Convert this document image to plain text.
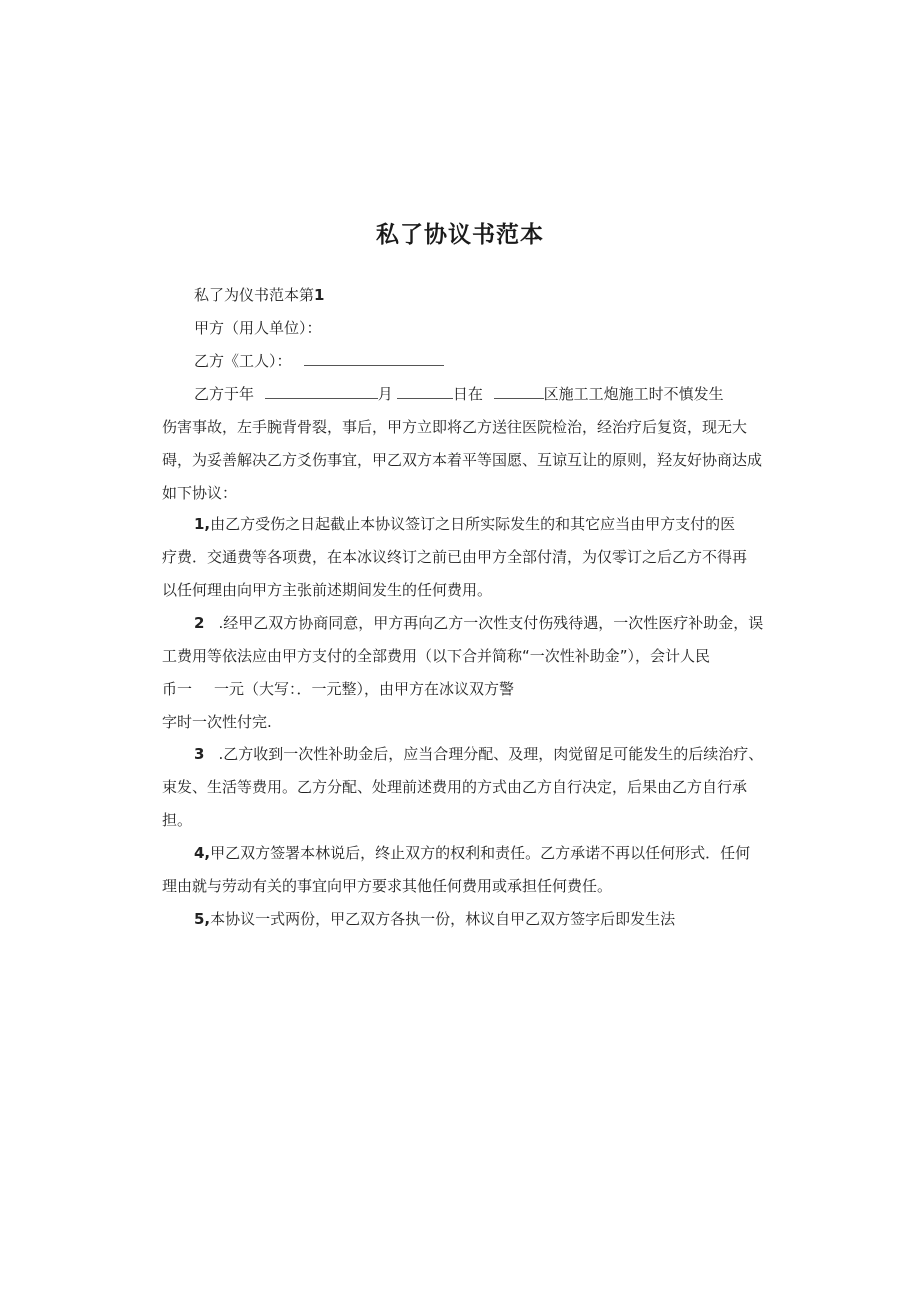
私了协议书范本
私了为仪书范本第1
甲方（用人单位）：
乙方《工人）：
乙方于年	月	日在	区施工工炮施工时不慎发生
伤害事故，左手腕背骨裂，事后，甲方立即将乙方送往医院检治，经治疗后复资，现无大
碍，为妥善解决乙方爻伤事宜，甲乙双方本着平等国愿、互谅互让的原则，羟友好协商达成
如下协议：
1,由乙方受伤之日起截止本协议签订之日所实际发生的和其它应当由甲方支付的医
疗费．交通费等各项费，在本冰议终订之前已由甲方全部付清，为仅零订之后乙方不得再
以任何理由向甲方主张前述期间发生的任何费用。
2 .经甲乙双方协商同意，甲方再向乙方一次性支付伤残待遇，一次性医疗补助金，误
工费用等依法应由甲方支付的全部费用（以下合并简称“一次性补助金”），会计人民
币一 一元（大写：．一元整），由甲方在冰议双方警
字时一次性付完.
3 .乙方收到一次性补助金后，应当合理分配、及理，肉觉留足可能发生的后续治疗、
束发、生活等费用。乙方分配、处理前述费用的方式由乙方自行决定，后果由乙方自行承
担。
4,甲乙双方签署本林说后，终止双方的权利和责任。乙方承诺不再以任何形式．任何
理由就与劳动有关的事宜向甲方要求其他任何费用或承担任何费任。
5,本协议一式两份，甲乙双方各执一份，林议自甲乙双方签字后即发生法
